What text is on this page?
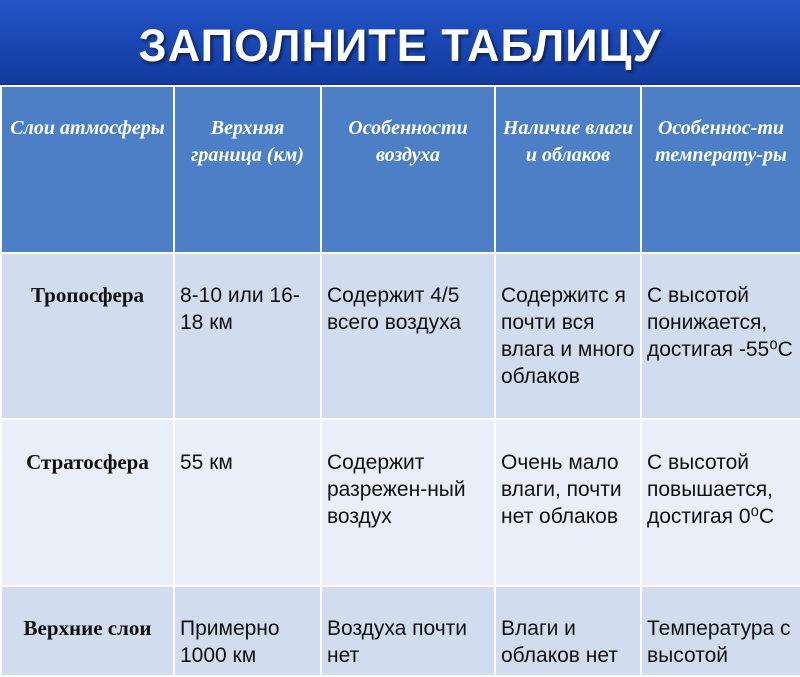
ЗАПОЛНИТЕ ТАБЛИЦУ
Слои атмосферы	Верхняя граница (км)	Особенности воздуха	Наличие влаги и облаков	Особеннос-ти температу-ры
Тропосфера	8-10 или 16-18 км	Содержит 4/5 всего воздуха	Содержитс я почти вся влага и много облаков	С высотой понижается, достигая -55⁰С
Стратосфера	55 км	Содержит разрежен-ный воздух	Очень мало влаги, почти нет облаков	С высотой повышается, достигая 0⁰С
Верхние слои	Примерно 1000 км	Воздуха почти нет	Влаги и облаков нет	Температура с высотой
